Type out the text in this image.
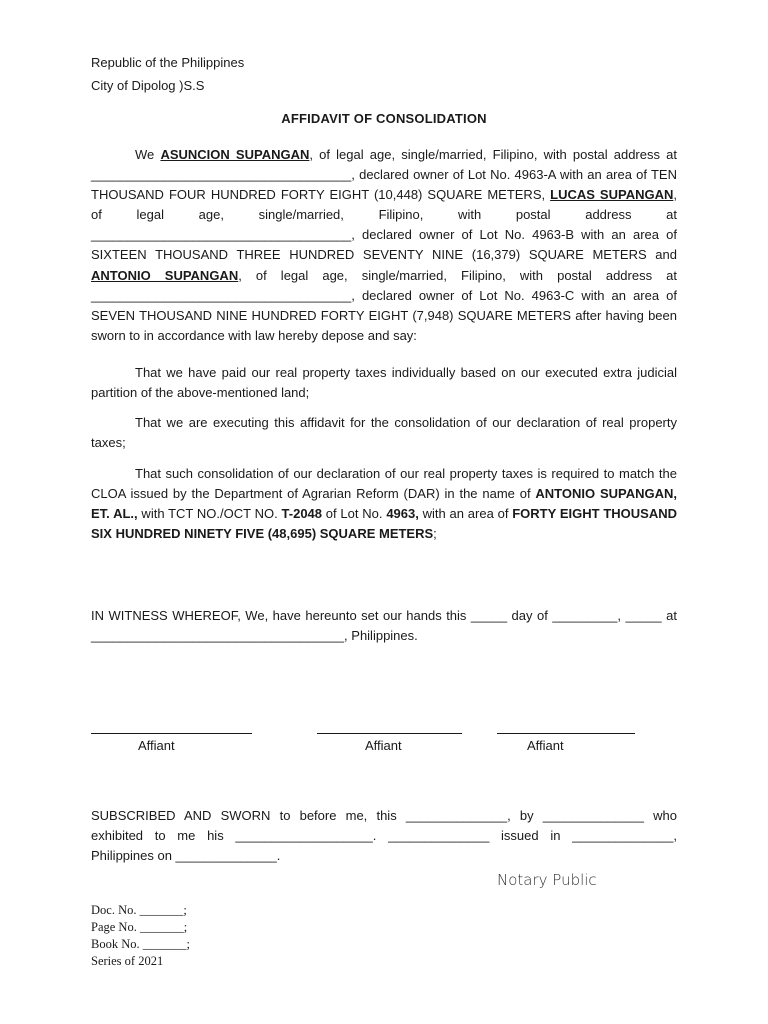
Republic of the Philippines
City of Dipolog )S.S
AFFIDAVIT OF CONSOLIDATION
We ASUNCION SUPANGAN, of legal age, single/married, Filipino, with postal address at ____________________________________, declared owner of Lot No. 4963-A with an area of TEN THOUSAND FOUR HUNDRED FORTY EIGHT (10,448) SQUARE METERS, LUCAS SUPANGAN, of legal age, single/married, Filipino, with postal address at ____________________________________, declared owner of Lot No. 4963-B with an area of SIXTEEN THOUSAND THREE HUNDRED SEVENTY NINE (16,379) SQUARE METERS and ANTONIO SUPANGAN, of legal age, single/married, Filipino, with postal address at ____________________________________, declared owner of Lot No. 4963-C with an area of SEVEN THOUSAND NINE HUNDRED FORTY EIGHT (7,948) SQUARE METERS after having been sworn to in accordance with law hereby depose and say:
That we have paid our real property taxes individually based on our executed extra judicial partition of the above-mentioned land;
That we are executing this affidavit for the consolidation of our declaration of real property taxes;
That such consolidation of our declaration of our real property taxes is required to match the CLOA issued by the Department of Agrarian Reform (DAR) in the name of ANTONIO SUPANGAN, ET. AL., with TCT NO./OCT NO. T-2048 of Lot No. 4963, with an area of FORTY EIGHT THOUSAND SIX HUNDRED NINETY FIVE (48,695) SQUARE METERS;
IN WITNESS WHEREOF, We, have hereunto set our hands this _____ day of _________, _____ at ___________________________________, Philippines.
Affiant	Affiant	Affiant
SUBSCRIBED AND SWORN to before me, this ______________, by ______________ who exhibited to me his ___________________. ______________ issued in ______________, Philippines on ______________.
Notary Public
Doc. No. _______;
Page No. _______;
Book No. _______;
Series of 2021
